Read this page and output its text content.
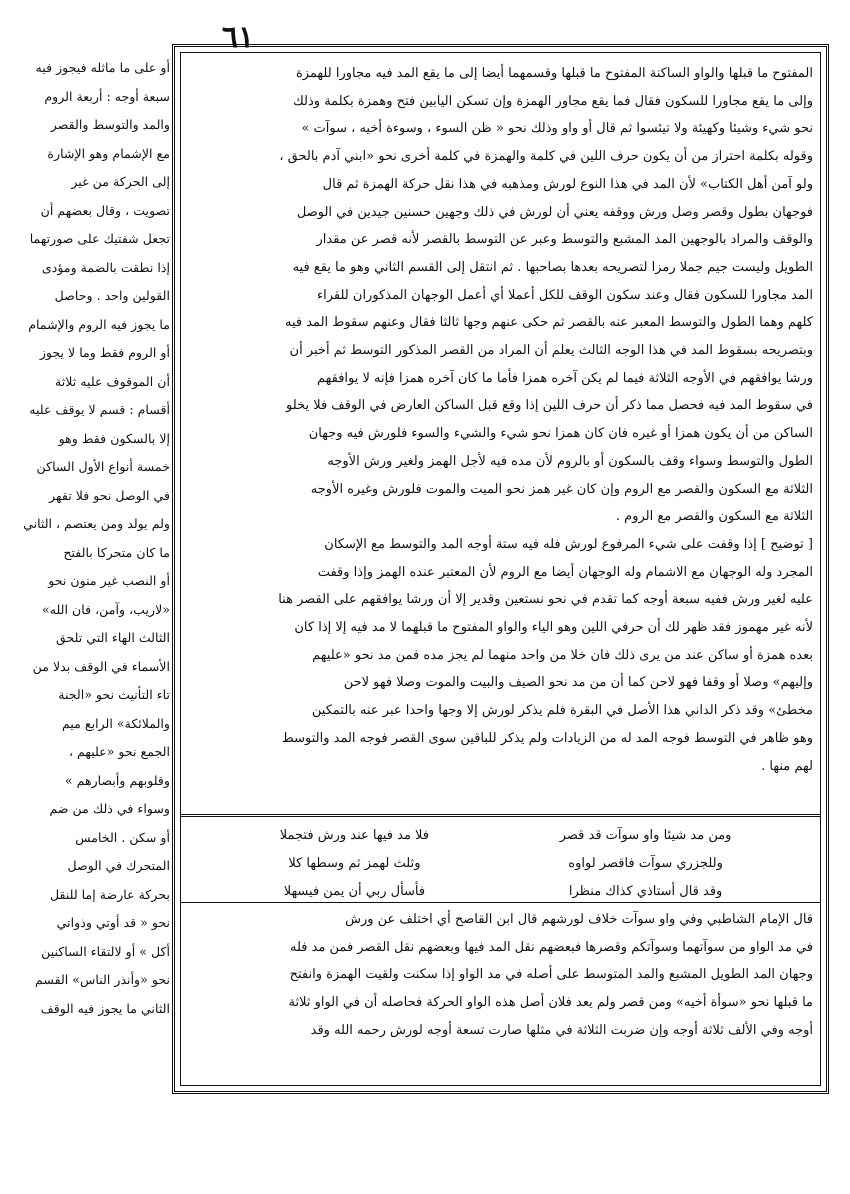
٦١

أو على ما ماثله فيجوز فيه

سبعة أوجه : أربعة الروم

والمد والتوسط والقصر

مع الإشمام وهو الإشارة

إلى الحركة من غير

تصويت ، وقال بعضهم أن

تجعل شفتيك على صورتهما

إذا نطقت بالضمة ومؤدى

القولين واحد . وحاصل

ما يجوز فيه الروم والإشمام

أو الروم فقط وما لا يجوز

أن الموقوف عليه ثلاثة

أقسام : قسم لا يوقف عليه

إلا بالسكون فقط وهو

خمسة أنواع الأول الساكن

في الوصل نحو فلا تقهر

ولم يولد ومن يعتصم ، الثاني

ما كان متحركا بالفتح

أو النصب غير منون نحو

«لاريب، وآمن، فان الله»

الثالث الهاء التي تلحق

الأسماء في الوقف بدلا من

تاء التأنيث نحو «الجنة

والملائكة» الرابع ميم

الجمع نحو «عليهم ،

وقلوبهم وأبصارهم »

وسواء في ذلك من ضم

أو سكن . الخامس

المتحرك في الوصل

بحركة عارضة إما للنقل

نحو « قد أوتي وذواتي

أكل » أو لالتقاء الساكنين

نحو «وأنذر الناس» القسم

الثاني ما يجوز فيه الوقف

المفتوح ما قبلها والواو الساكنة المفتوح ما قبلها وقسمهما أيضا إلى ما يقع المد فيه مجاورا للهمزة

وإلى ما يقع مجاورا للسكون فقال فما يقع مجاور الهمزة وإن تسكن اليابين فتح وهمزة بكلمة وذلك

نحو شيء وشيئا وكهيئة ولا تيئسوا ثم قال أو واو وذلك نحو « ظن السوء ، وسوءة أخيه ، سوآت »

وقوله بكلمة احتراز من أن يكون حرف اللين في كلمة والهمزة في كلمة أخرى نحو «ابني آدم بالحق ،

ولو آمن أهل الكتاب» لأن المد في هذا النوع لورش ومذهبه في هذا نقل حركة الهمزة ثم قال

فوجهان بطول وقصر وصل ورش ووقفه يعني أن لورش في ذلك وجهين حسنين جيدين في الوصل

والوقف والمراد بالوجهين المد المشبع والتوسط وعبر عن التوسط بالقصر لأنه قصر عن مقدار

الطويل وليست جيم جملا رمزا لتصريحه بعدها بصاحبها . ثم انتقل إلى القسم الثاني وهو ما يقع فيه

المد مجاورا للسكون فقال وعند سكون الوقف للكل أعملا أي أعمل الوجهان المذكوران للقراء

كلهم وهما الطول والتوسط المعبر عنه بالقصر ثم حكى عنهم وجها ثالثا فقال وعنهم سقوط المد فيه

وبتصريحه بسقوط المد في هذا الوجه الثالث يعلم أن المراد من القصر المذكور التوسط ثم أخبر أن

ورشا يوافقهم في الأوجه الثلاثة فيما لم يكن آخره همزا فأما ما كان آخره همزا فإنه لا يوافقهم

في سقوط المد فيه فحصل مما ذكر أن حرف اللين إذا وقع قبل الساكن العارض في الوقف فلا يخلو

الساكن من أن يكون همزا أو غيره فان كان همزا نحو شيء والشيء والسوء فلورش فيه وجهان

الطول والتوسط وسواء وقف بالسكون أو بالروم لأن مده فيه لأجل الهمز ولغير ورش الأوجه

الثلاثة مع السكون والقصر مع الروم وإن كان غير همز نحو الميت والموت فلورش وغيره الأوجه

الثلاثة مع السكون والقصر مع الروم .

[ توضيح ] إذا وقفت على شيء المرفوع لورش فله فيه ستة أوجه المد والتوسط مع الإسكان

المجرد وله الوجهان مع الاشمام وله الوجهان أيضا مع الروم لأن المعتبر عنده الهمز وإذا وقفت

عليه لغير ورش ففيه سبعة أوجه كما تقدم في نحو نستعين وقدير إلا أن ورشا يوافقهم على القصر هنا

لأنه غير مهموز فقد ظهر لك أن حرفي اللين وهو الياء والواو المفتوح ما قبلهما لا مد فيه إلا إذا كان

بعده همزة أو ساكن عند من يرى ذلك فان خلا من واحد منهما لم يجز مده فمن مد نحو «عليهم

وإليهم» وصلا أو وقفا فهو لاحن كما أن من مد نحو الصيف والبيت والموت وصلا فهو لاحن

مخطئ» وقد ذكر الداني هذا الأصل في البقرة فلم يذكر لورش إلا وجها واحدا عبر عنه بالتمكين

وهو ظاهر في التوسط فوجه المد له من الزيادات ولم يذكر للباقين سوى القصر فوجه المد والتوسط

لهم منها .

ومن مد شيئا واو سوآت قد قصر
فلا مد فيها عند ورش فتجملا
وللجزري سوآت فاقصر لواوه
وثلث لهمز ثم وسطها كلا
وقد قال أستاذي كذاك منظرا
فأسأل ربي أن يمن فيسهلا

قال الإمام الشاطبي وفي واو سوآت خلاف لورشهم قال ابن القاصح أي اختلف عن ورش

في مد الواو من سوآتهما وسوآتكم وقصرها فبعضهم نقل المد فيها وبعضهم نقل القصر فمن مد فله

وجهان المد الطويل المشبع والمد المتوسط على أصله في مد الواو إذا سكنت ولقيت الهمزة وانفتح

ما قبلها نحو «سوأة أخيه» ومن قصر ولم يعد فلان أصل هذه الواو الحركة فحاصله أن في الواو ثلاثة

أوجه وفي الألف ثلاثة أوجه وإن ضربت الثلاثة في مثلها صارت تسعة أوجه لورش رحمه الله وقد
